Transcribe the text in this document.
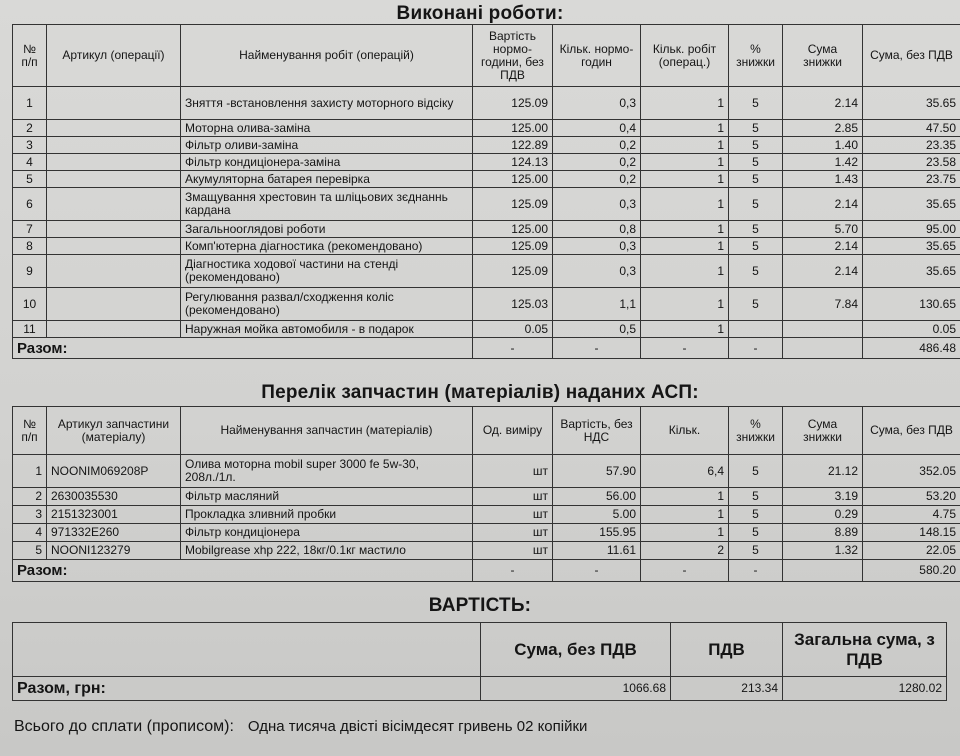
Виконані роботи:
№ п/п	Артикул (операції)	Найменування робіт (операцій)	Вартість нормо-години, без ПДВ	Кільк. нормо-годин	Кільк. робіт (операц.)	% знижки	Сума знижки	Сума, без ПДВ
1		Зняття -встановлення захисту моторного відсіку	125.09	0,3	1	5	2.14	35.65
2		Моторна олива-заміна	125.00	0,4	1	5	2.85	47.50
3		Фільтр оливи-заміна	122.89	0,2	1	5	1.40	23.35
4		Фільтр кондиціонера-заміна	124.13	0,2	1	5	1.42	23.58
5		Акумуляторна батарея перевірка	125.00	0,2	1	5	1.43	23.75
6		Змащування хрестовин та шліцьових зєднаннь кардана	125.09	0,3	1	5	2.14	35.65
7		Загальнооглядові роботи	125.00	0,8	1	5	5.70	95.00
8		Комп'ютерна діагностика (рекомендовано)	125.09	0,3	1	5	2.14	35.65
9		Діагностика ходової частини на стенді (рекомендовано)	125.09	0,3	1	5	2.14	35.65
10		Регулювання развал/сходження коліс (рекомендовано)	125.03	1,1	1	5	7.84	130.65
11		Наружная мойка автомобиля - в подарок	0.05	0,5	1			0.05
Разом:			-	-	-	-		486.48
Перелік запчастин (матеріалів) наданих АСП:
№ п/п	Артикул запчастини (матеріалу)	Найменування запчастин (матеріалів)	Од. виміру	Вартість, без НДС	Кільк.	% знижки	Сума знижки	Сума, без ПДВ
1	NOONIM069208P	Олива моторна mobil super 3000 fe 5w-30, 208л./1л.	шт	57.90	6,4	5	21.12	352.05
2	2630035530	Фільтр масляний	шт	56.00	1	5	3.19	53.20
3	2151323001	Прокладка зливний пробки	шт	5.00	1	5	0.29	4.75
4	971332E260	Фільтр кондиціонера	шт	155.95	1	5	8.89	148.15
5	NOONI123279	Mobilgrease xhp 222, 18кг/0.1кг мастило	шт	11.61	2	5	1.32	22.05
Разом:			-	-	-	-		580.20
ВАРТІСТЬ:
	Сума, без ПДВ	ПДВ	Загальна сума, з ПДВ
Разом, грн:	1066.68	213.34	1280.02
Всього до сплати (прописом): Одна тисяча двісті вісімдесят гривень 02 копійки
